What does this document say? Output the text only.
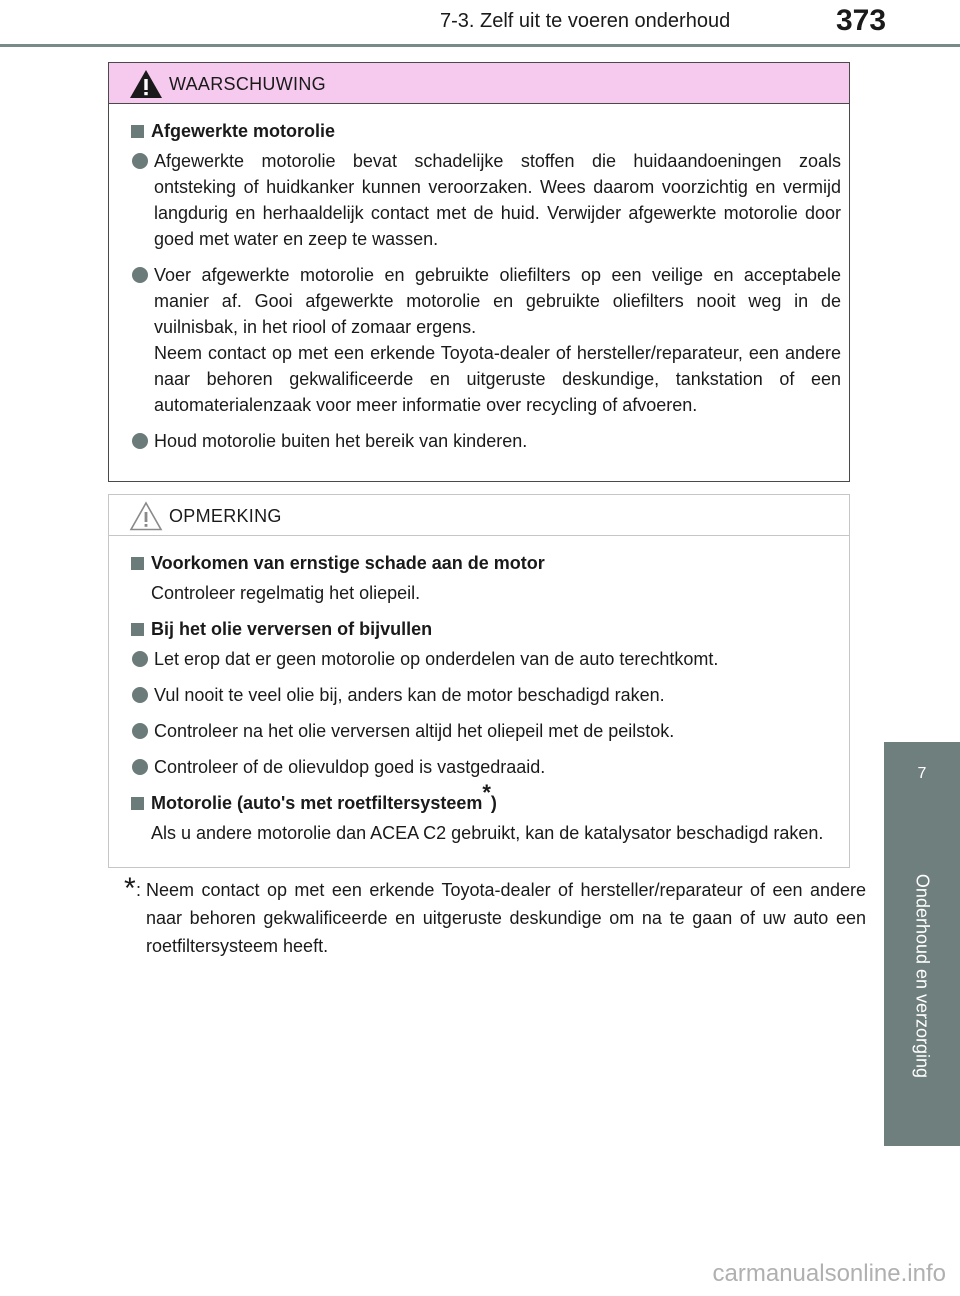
7-3. Zelf uit te voeren onderhoud	373
7
Onderhoud en verzorging
WAARSCHUWING
Afgewerkte motorolie
Afgewerkte motorolie bevat schadelijke stoffen die huidaandoeningen zoals ontsteking of huidkanker kunnen veroorzaken. Wees daarom voorzichtig en vermijd langdurig en herhaaldelijk contact met de huid. Verwijder afgewerkte motorolie door goed met water en zeep te wassen.
Voer afgewerkte motorolie en gebruikte oliefilters op een veilige en acceptabele manier af. Gooi afgewerkte motorolie en gebruikte oliefilters nooit weg in de vuilnisbak, in het riool of zomaar ergens.
Neem contact op met een erkende Toyota-dealer of hersteller/reparateur, een andere naar behoren gekwalificeerde en uitgeruste deskundige, tankstation of een automaterialenzaak voor meer informatie over recycling of afvoeren.
Houd motorolie buiten het bereik van kinderen.
OPMERKING
Voorkomen van ernstige schade aan de motor
Controleer regelmatig het oliepeil.
Bij het olie verversen of bijvullen
Let erop dat er geen motorolie op onderdelen van de auto terechtkomt.
Vul nooit te veel olie bij, anders kan de motor beschadigd raken.
Controleer na het olie verversen altijd het oliepeil met de peilstok.
Controleer of de olievuldop goed is vastgedraaid.
Motorolie (auto's met roetfiltersysteem*)
Als u andere motorolie dan ACEA C2 gebruikt, kan de katalysator beschadigd raken.
* : Neem contact op met een erkende Toyota-dealer of hersteller/reparateur of een andere naar behoren gekwalificeerde en uitgeruste deskundige om na te gaan of uw auto een roetfiltersysteem heeft.
carmanualsonline.info
